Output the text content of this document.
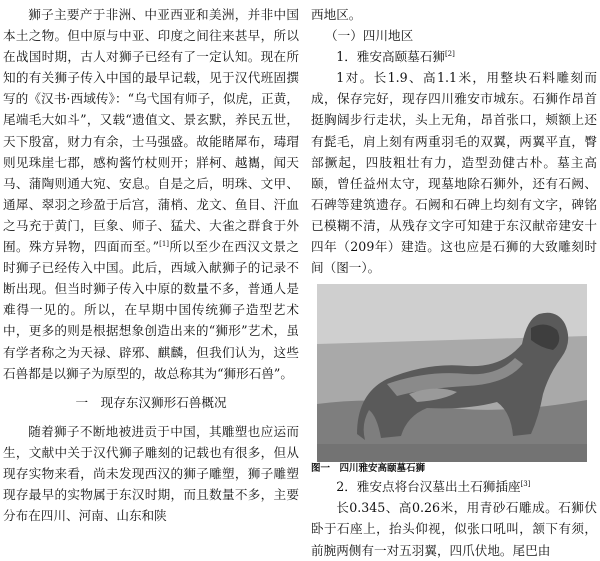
狮子主要产于非洲、中亚西亚和美洲，并非中国本土之物。但中原与中亚、印度之间往来甚早，所以在战国时期，古人对狮子已经有了一定认知。现在所知的有关狮子传入中国的最早记载，见于汉代班固撰写的《汉书·西域传》：“乌弋国有师子，似虎，正黄，尾端毛大如斗”，又载“遗值文、景玄默，养民五世，天下殷富，财力有余，士马强盛。故能睹犀布，瑇瑁则见珠崖七郡，感枸酱竹杖则开；牂柯、越巂，闻天马、蒲陶则通大宛、安息。自是之后，明珠、文甲、通犀、翠羽之珍盈于后宫，蒲梢、龙文、鱼目、汗血之马充于黄门，巨象、师子、猛犬、大雀之群食于外囿。殊方异物，四面而至。”[1]所以至少在西汉文景之时狮子已经传入中国。此后，西域入献狮子的记录不断出现。但当时狮子传入中原的数量不多，普通人是难得一见的。所以，在早期中国传统狮子造型艺术中，更多的则是根据想象创造出来的“狮形”艺术，虽有学者称之为天禄、辟邪、麒麟，但我们认为，这些石兽都是以狮子为原型的，故总称其为“狮形石兽”。

一　现存东汉狮形石兽概况

随着狮子不断地被进贡于中国，其雕塑也应运而生，文献中关于汉代狮子雕刻的记载也有很多，但从现存实物来看，尚未发现西汉的狮子雕塑，狮子雕塑现存最早的实物属于东汉时期，而且数量不多，主要分布在四川、河南、山东和陕

西地区。

（一）四川地区

1．雅安高颐墓石狮[2]

1对。长1.9、高1.1米，用整块石料雕刻而成，保存完好，现存四川雅安市城东。石狮作昂首挺胸阔步行走状，头上无角，昂首张口，颊额上还有髭毛，肩上刻有两重羽毛的双翼，两翼平直，臀部撅起，四肢粗壮有力，造型劲健古朴。墓主高颐，曾任益州太守，现墓地除石狮外，还有石阙、石碑等建筑遗存。石阙和石碑上均刻有文字，碑铭已模糊不清，从残存文字可知建于东汉献帝建安十四年（209年）建造。这也应是石狮的大致雕刻时间（图一）。

图一　四川雅安高颐墓石狮

2．雅安点将台汉墓出土石狮插座[3]

长0.345、高0.26米，用青砂石雕成。石狮伏卧于石座上，抬头仰视，似张口吼叫，颔下有须，前腕两侧有一对五羽翼，四爪伏地。尾巴由
